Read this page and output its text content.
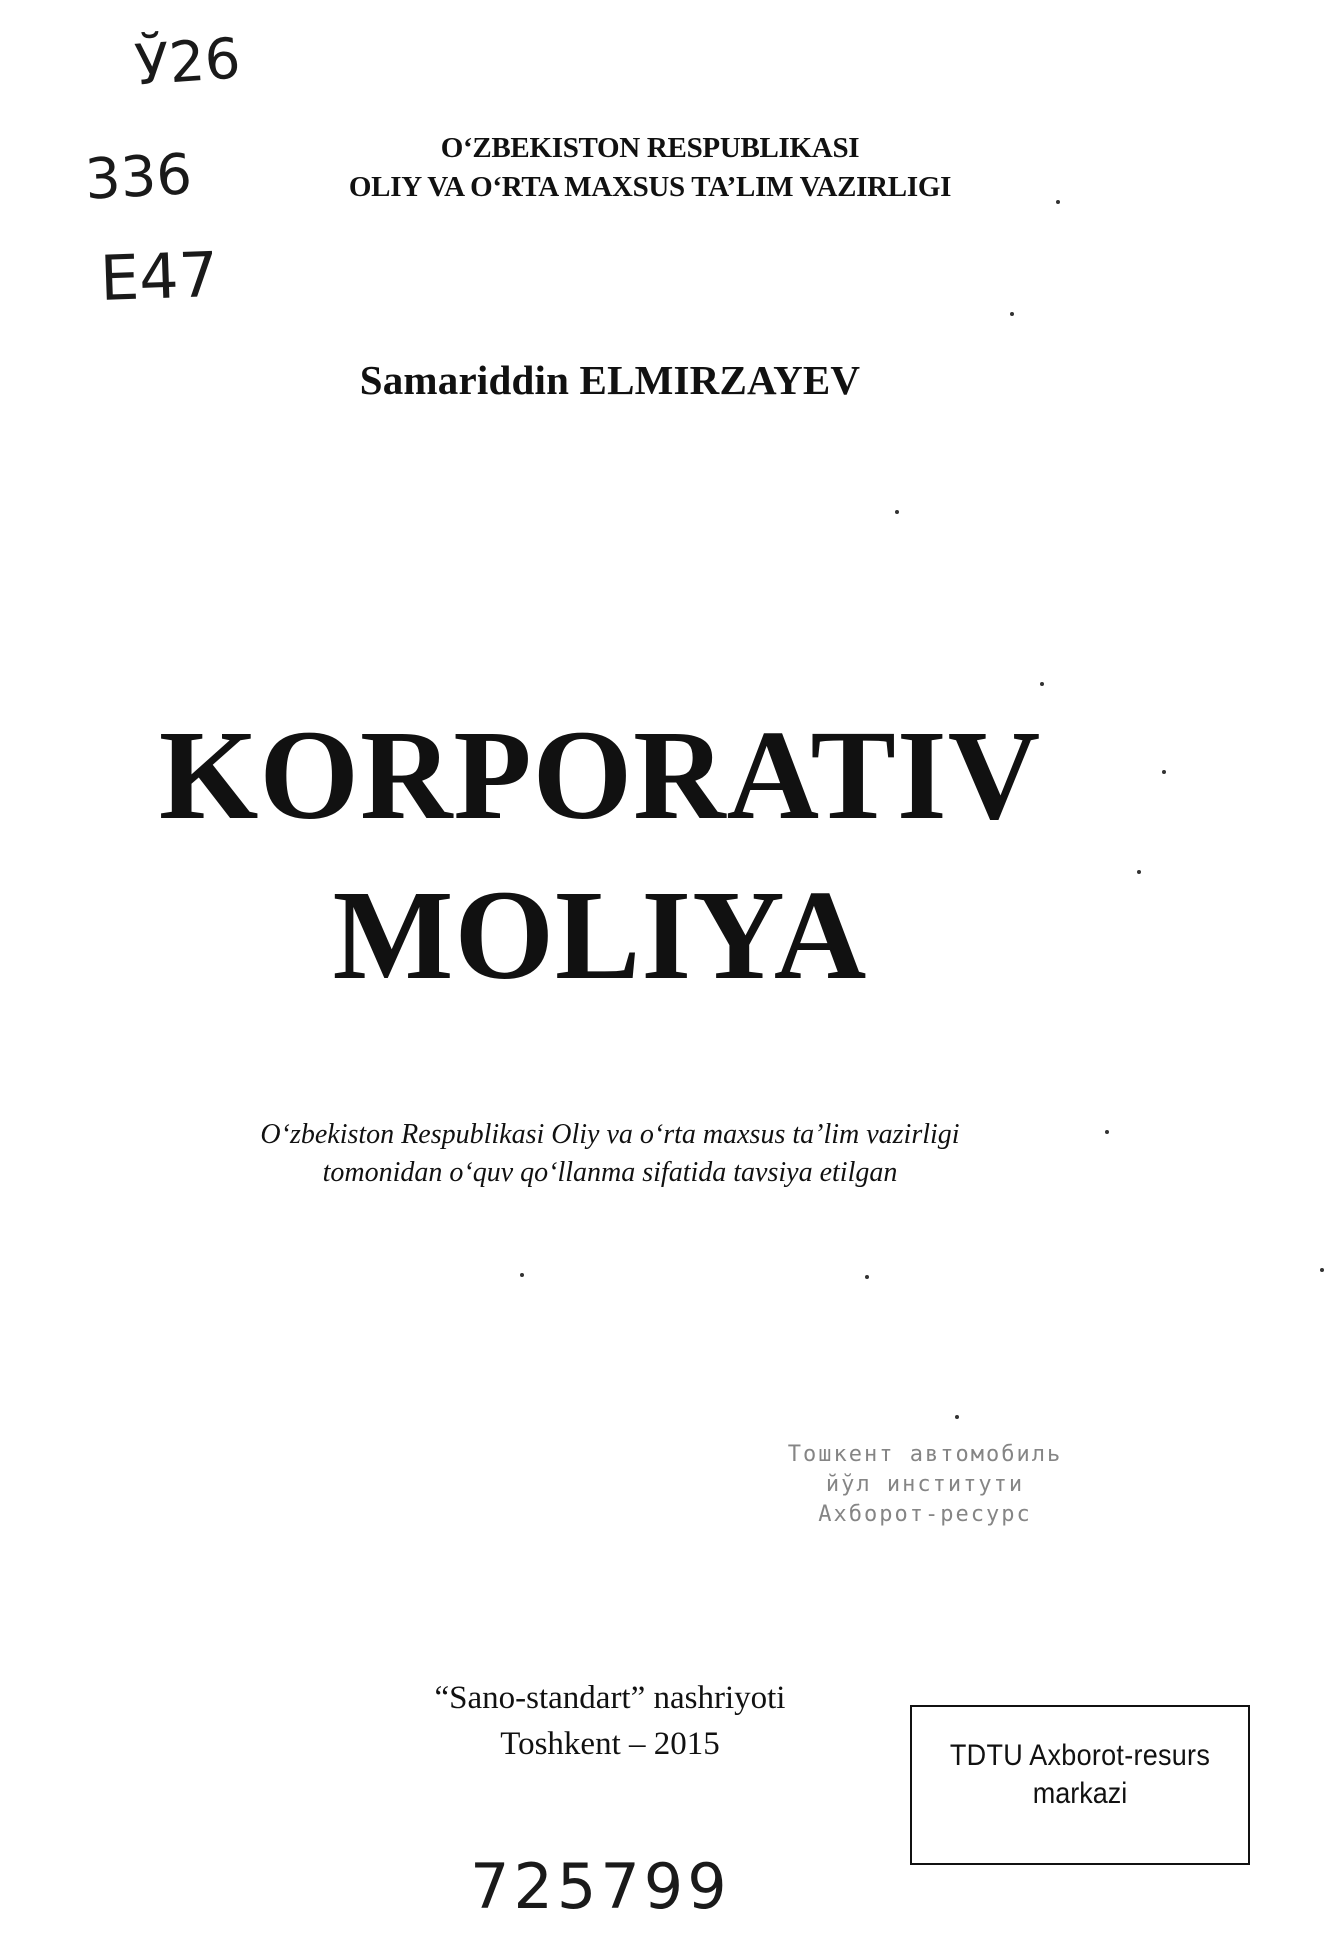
Ў26
336
E47
O‘ZBEKISTON RESPUBLIKASI
OLIY VA O‘RTA MAXSUS TA’LIM VAZIRLIGI
Samariddin ELMIRZAYEV
KORPORATIV
MOLIYA
O‘zbekiston Respublikasi Oliy va o‘rta maxsus ta’lim vazirligi
tomonidan o‘quv qo‘llanma sifatida tavsiya etilgan
Тошкент автомобиль
йўл институти
Ахборот-ресурс
“Sano-standart” nashriyoti
Toshkent – 2015	TDTU Axborot-resurs
markazi
725799
